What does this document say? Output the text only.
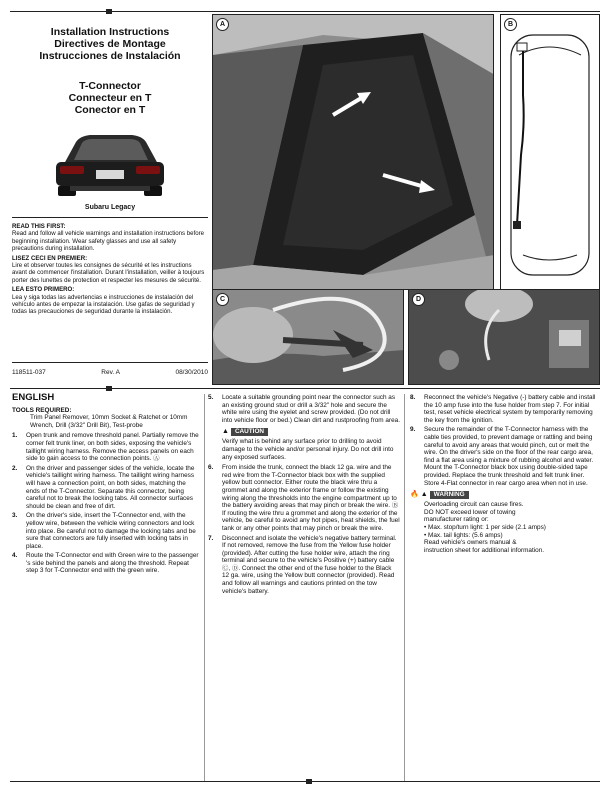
Installation Instructions
Directives de Montage
Instrucciones de Instalación
T-Connector
Connecteur en T
Conector en T
Subaru Legacy

READ THIS FIRST:
Read and follow all vehicle warnings and installation instructions before beginning installation. Wear safety glasses and use all safety precautions during installation.

LISEZ CECI EN PREMIER:
Lire et observer toutes les consignes de sécurité et les instructions avant de commencer l'installation. Durant l'installation, veiller à toujours porter des lunettes de protection et respecter les mesures de sécurité.

LEA ESTO PRIMERO:
Lea y siga todas las advertencias e instrucciones de instalación del vehículo antes de empezar la instalación. Use gafas de seguridad y todas las precauciones de seguridad durante la instalación.

118511-037	Rev. A	08/30/2010
A	B
C	D
ENGLISH
TOOLS REQUIRED:
Trim Panel Remover, 10mm Socket & Ratchet or 10mm Wrench, Drill (3/32" Drill Bit), Test-probe
1.	Open trunk and remove threshold panel. Partially remove the corner felt trunk liner, on both sides, exposing the vehicle's taillight wiring harness. Remove the access panels on each side to gain access to the connection points. Ⓐ
2.	On the driver and passenger sides of the vehicle, locate the vehicle's taillight wiring harness. The taillight wiring harness will have a connection point, on both sides, matching the ends of the T-Connector. Separate this connector, being careful not to break the locking tabs. All connector surfaces should be clean and free of dirt.
3.	On the driver's side, insert the T-Connector end, with the yellow wire, between the vehicle wiring connectors and lock into place. Be careful not to damage the locking tabs and be sure that connectors are fully inserted with locking tabs in place.
4.	Route the T-Connector end with Green wire to the passenger 's side behind the panels and along the threshold. Repeat step 3 for T-Connector end with the green wire.
5.	Locate a suitable grounding point near the connector such as an existing ground stud or drill a 3/32" hole and secure the white wire using the eyelet and screw provided. (Do not drill into vehicle floor or bed.) Clean dirt and rustproofing from area.
▲ CAUTION
Verify what is behind any surface prior to drilling to avoid damage to the vehicle and/or personal injury. Do not drill into any exposed surfaces.
6.	From inside the trunk, connect the black 12 ga. wire and the red wire from the T-Connector black box with the supplied yellow butt connector. Either route the black wire thru a grommet and along the exterior frame or follow the existing wiring along the thresholds into the engine compartment up to the battery avoiding areas that may pinch or break the wire. Ⓑ If routing the wire thru a grommet and along the exterior of the vehicle, be careful to avoid any hot pipes, heat shields, the fuel tank or any other points that may pinch or break the wire.
7.	Disconnect and isolate the vehicle's negative battery terminal. If not removed, remove the fuse from the Yellow fuse holder (provided). After cutting the fuse holder wire, attach the ring terminal and secure to the vehicle's Positive (+) battery cable Ⓒ, Ⓓ. Connect the other end of the fuse holder to the Black 12 ga. wire, using the Yellow butt connector (provided). Read and follow all warnings and cautions printed on the tow vehicle's battery.
8.	Reconnect the vehicle's Negative (-) battery cable and install the 10 amp fuse into the fuse holder from step 7. For initial test, reset vehicle electrical system by temporarily removing the key from the ignition.
9.	Secure the remainder of the T-Connector harness with the cable ties provided, to prevent damage or rattling and being careful to avoid any areas that would pinch, cut or melt the wire. On the driver's side on the floor of the rear cargo area, find a flat area using a mixture of rubbing alcohol and water. Mount the T-Connector black box using double-sided tape provided. Replace the trunk threshold and felt trunk liner. Store 4-Flat connector in rear cargo area when not in use.
🔥 ▲ WARNING
Overloading circuit can cause fires.
DO NOT exceed lower of towing
manufacturer rating or:
• Max. stop/turn light: 1 per side (2.1 amps)
• Max. tail lights: (5.6 amps)
Read vehicle's owners manual &
instruction sheet for additional information.
